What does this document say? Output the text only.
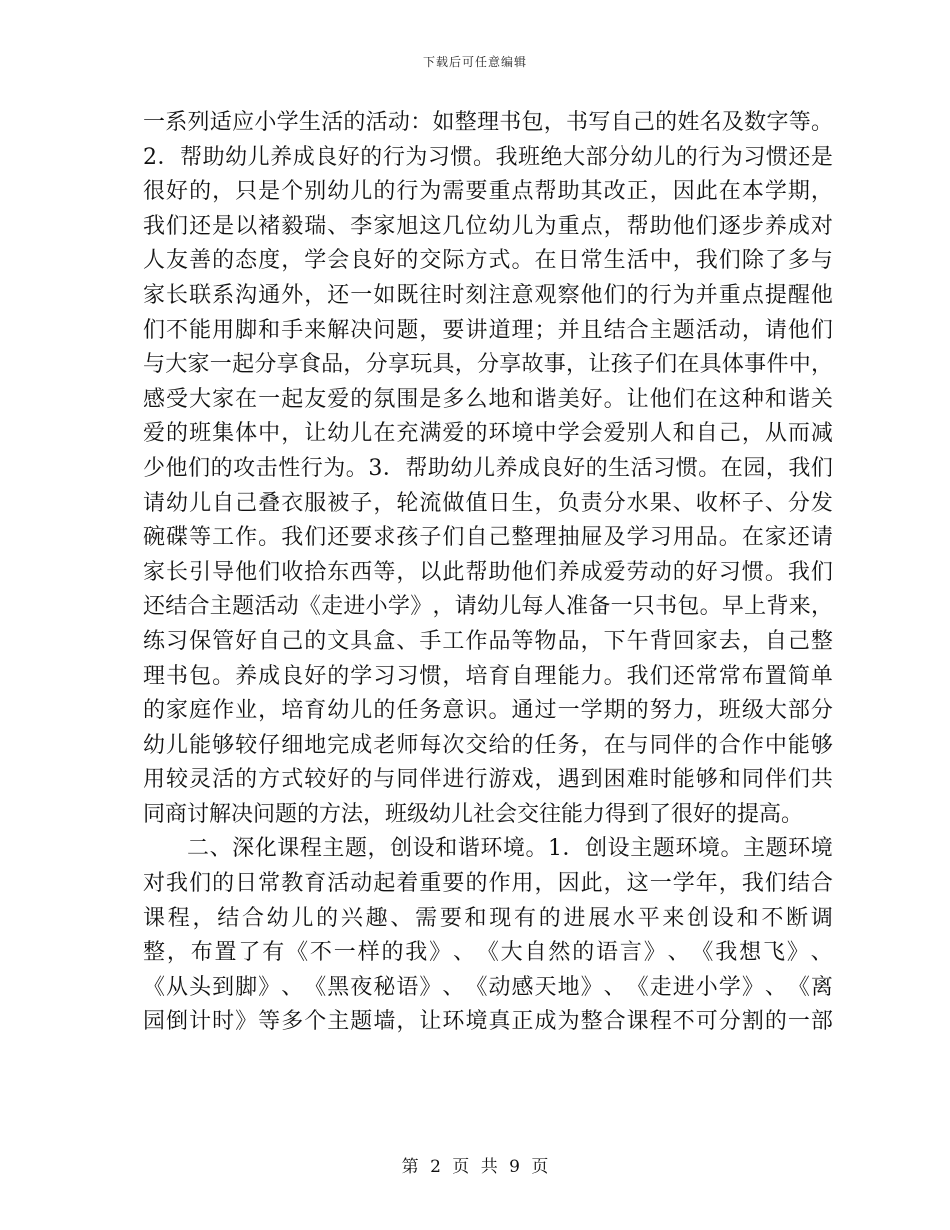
下载后可任意编辑
一 系 列 适 应 小 学 生 活 的 活 动 ： 如 整 理 书 包 ， 书 写 自 己 的 姓 名 及 数 字 等 。
2 ． 帮 助 幼 儿 养 成 良 好 的 行 为 习 惯 。 我 班 绝 大 部 分 幼 儿 的 行 为 习 惯 还 是
很 好 的 ， 只 是 个 别 幼 儿 的 行 为 需 要 重 点 帮 助 其 改 正 ， 因 此 在 本 学 期 ，
我 们 还 是 以 褚 毅 瑞 、 李 家 旭 这 几 位 幼 儿 为 重 点 ， 帮 助 他 们 逐 步 养 成 对
人 友 善 的 态 度 ， 学 会 良 好 的 交 际 方 式 。 在 日 常 生 活 中 ， 我 们 除 了 多 与
家 长 联 系 沟 通 外 ， 还 一 如 既 往 时 刻 注 意 观 察 他 们 的 行 为 并 重 点 提 醒 他
们 不 能 用 脚 和 手 来 解 决 问 题 ， 要 讲 道 理 ； 并 且 结 合 主 题 活 动 ， 请 他 们
与 大 家 一 起 分 享 食 品 ， 分 享 玩 具 ， 分 享 故 事 ， 让 孩 子 们 在 具 体 事 件 中 ，
感 受 大 家 在 一 起 友 爱 的 氛 围 是 多 么 地 和 谐 美 好 。 让 他 们 在 这 种 和 谐 关
爱 的 班 集 体 中 ， 让 幼 儿 在 充 满 爱 的 环 境 中 学 会 爱 别 人 和 自 己 ， 从 而 减
少 他 们 的 攻 击 性 行 为 。 3 ． 帮 助 幼 儿 养 成 良 好 的 生 活 习 惯 。 在 园 ， 我 们
请 幼 儿 自 己 叠 衣 服 被 子 ， 轮 流 做 值 日 生 ， 负 责 分 水 果 、 收 杯 子 、 分 发
碗 碟 等 工 作 。 我 们 还 要 求 孩 子 们 自 己 整 理 抽 屉 及 学 习 用 品 。 在 家 还 请
家 长 引 导 他 们 收 拾 东 西 等 ， 以 此 帮 助 他 们 养 成 爱 劳 动 的 好 习 惯 。 我 们
还 结 合 主 题 活 动 《 走 进 小 学 》 ， 请 幼 儿 每 人 准 备 一 只 书 包 。 早 上 背 来 ，
练 习 保 管 好 自 己 的 文 具 盒 、 手 工 作 品 等 物 品 ， 下 午 背 回 家 去 ， 自 己 整
理 书 包 。 养 成 良 好 的 学 习 习 惯 ， 培 育 自 理 能 力 。 我 们 还 常 常 布 置 简 单
的 家 庭 作 业 ， 培 育 幼 儿 的 任 务 意 识 。 通 过 一 学 期 的 努 力 ， 班 级 大 部 分
幼 儿 能 够 较 仔 细 地 完 成 老 师 每 次 交 给 的 任 务 ， 在 与 同 伴 的 合 作 中 能 够
用 较 灵 活 的 方 式 较 好 的 与 同 伴 进 行 游 戏 ， 遇 到 困 难 时 能 够 和 同 伴 们 共
同商讨解决问题的方法，班级幼儿社会交往能力得到了很好的提高。
二 、 深 化 课 程 主 题 ， 创 设 和 谐 环 境 。 1 ． 创 设 主 题 环 境 。 主 题 环 境
对 我 们 的 日 常 教 育 活 动 起 着 重 要 的 作 用 ， 因 此 ， 这 一 学 年 ， 我 们 结 合
课 程 ， 结 合 幼 儿 的 兴 趣 、 需 要 和 现 有 的 进 展 水 平 来 创 设 和 不 断 调
整 ， 布 置 了 有 《 不 一 样 的 我 》 、 《 大 自 然 的 语 言 》 、 《 我 想 飞 》 、
《 从 头 到 脚 》 、 《 黑 夜 秘 语 》 、 《 动 感 天 地 》 、 《 走 进 小 学 》 、 《 离
园 倒 计 时 》 等 多 个 主 题 墙 ， 让 环 境 真 正 成 为 整 合 课 程 不 可 分 割 的 一 部
第 2 页 共 9 页
